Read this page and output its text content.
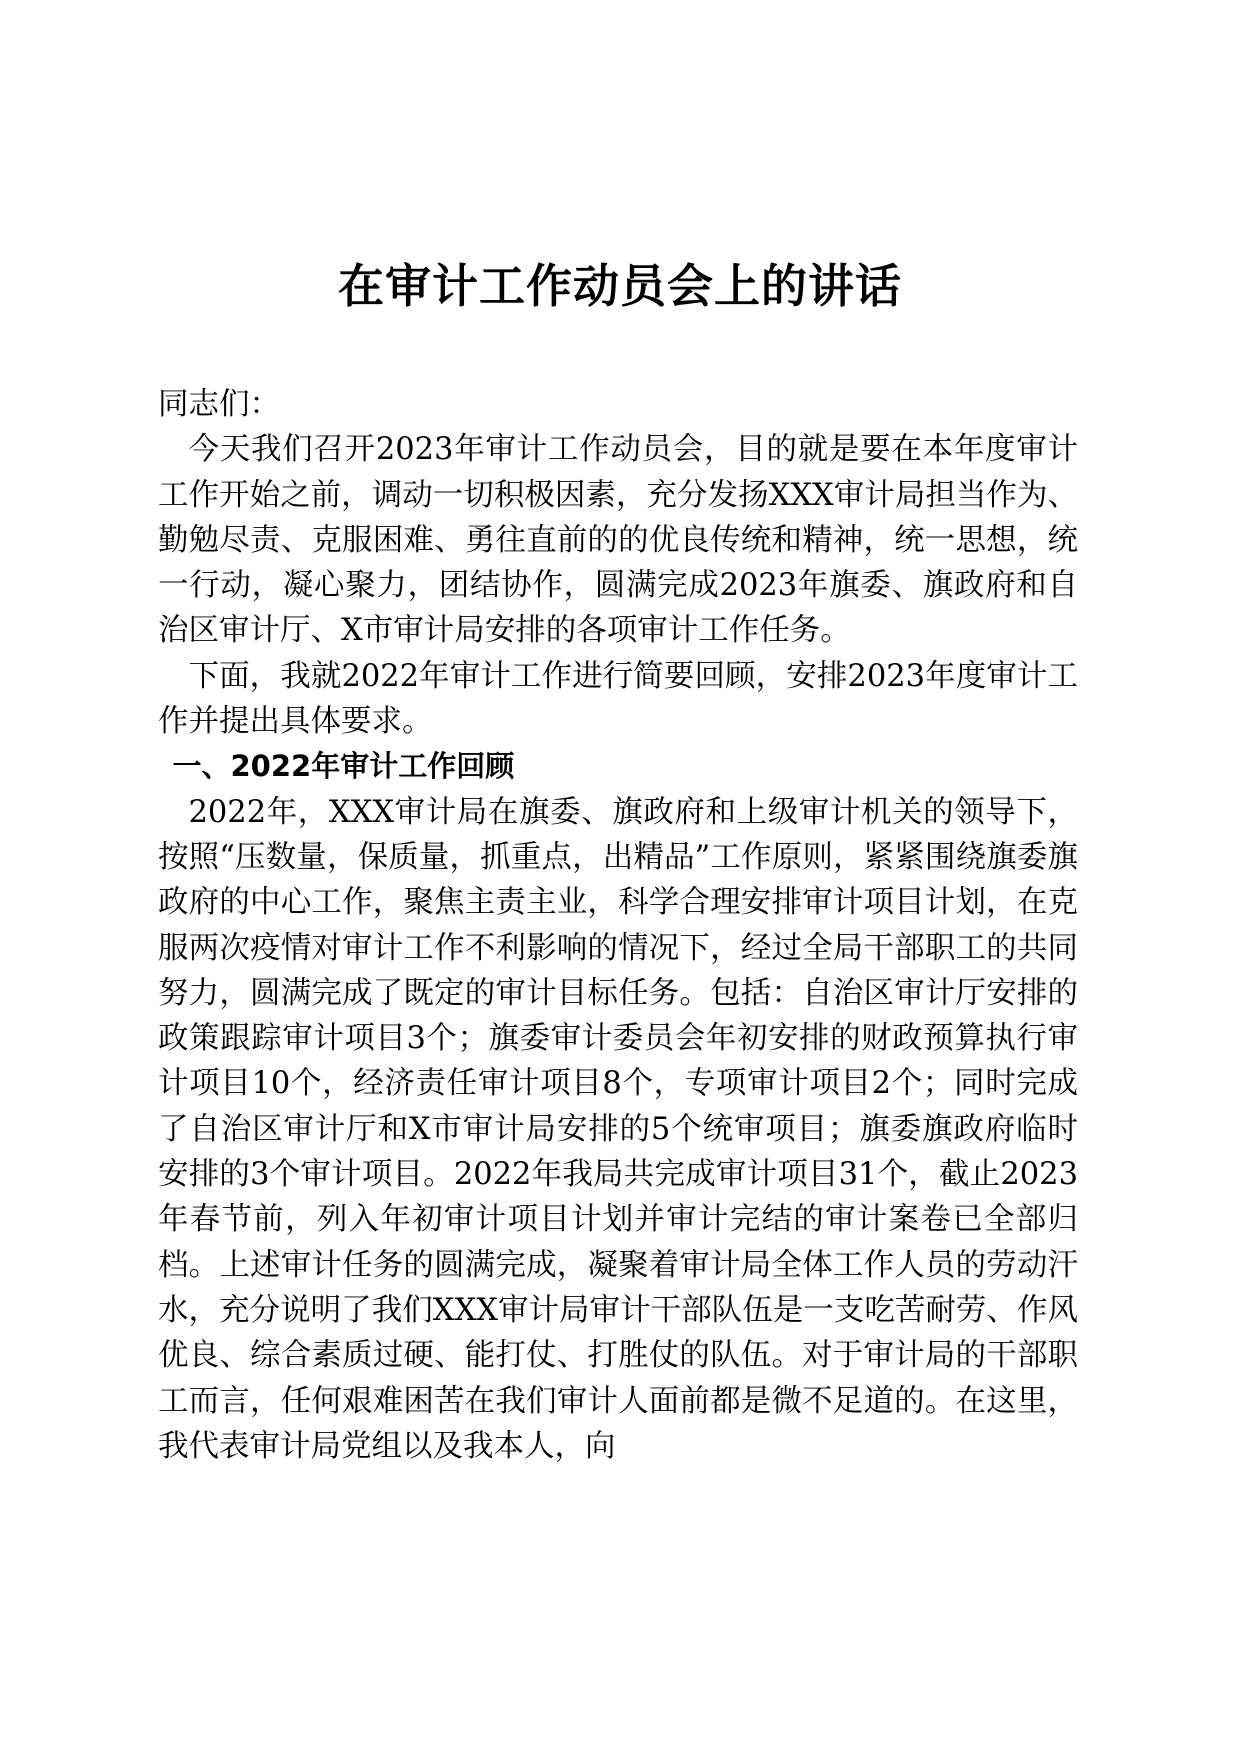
在审计工作动员会上的讲话

同志们：

今天我们召开2023年审计工作动员会，目的就是要在本年度审计工作开始之前，调动一切积极因素，充分发扬XXX审计局担当作为、勤勉尽责、克服困难、勇往直前的的优良传统和精神，统一思想，统一行动，凝心聚力，团结协作，圆满完成2023年旗委、旗政府和自治区审计厅、X市审计局安排的各项审计工作任务。

下面，我就2022年审计工作进行简要回顾，安排2023年度审计工作并提出具体要求。

一、2022年审计工作回顾

2022年，XXX审计局在旗委、旗政府和上级审计机关的领导下，按照“压数量，保质量，抓重点，出精品”工作原则，紧紧围绕旗委旗政府的中心工作，聚焦主责主业，科学合理安排审计项目计划，在克服两次疫情对审计工作不利影响的情况下，经过全局干部职工的共同努力，圆满完成了既定的审计目标任务。包括：自治区审计厅安排的政策跟踪审计项目3个；旗委审计委员会年初安排的财政预算执行审计项目10个，经济责任审计项目8个，专项审计项目2个；同时完成了自治区审计厅和X市审计局安排的5个统审项目；旗委旗政府临时安排的3个审计项目。2022年我局共完成审计项目31个，截止2023年春节前，列入年初审计项目计划并审计完结的审计案卷已全部归档。上述审计任务的圆满完成，凝聚着审计局全体工作人员的劳动汗水，充分说明了我们XXX审计局审计干部队伍是一支吃苦耐劳、作风优良、综合素质过硬、能打仗、打胜仗的队伍。对于审计局的干部职工而言，任何艰难困苦在我们审计人面前都是微不足道的。在这里，我代表审计局党组以及我本人，向
